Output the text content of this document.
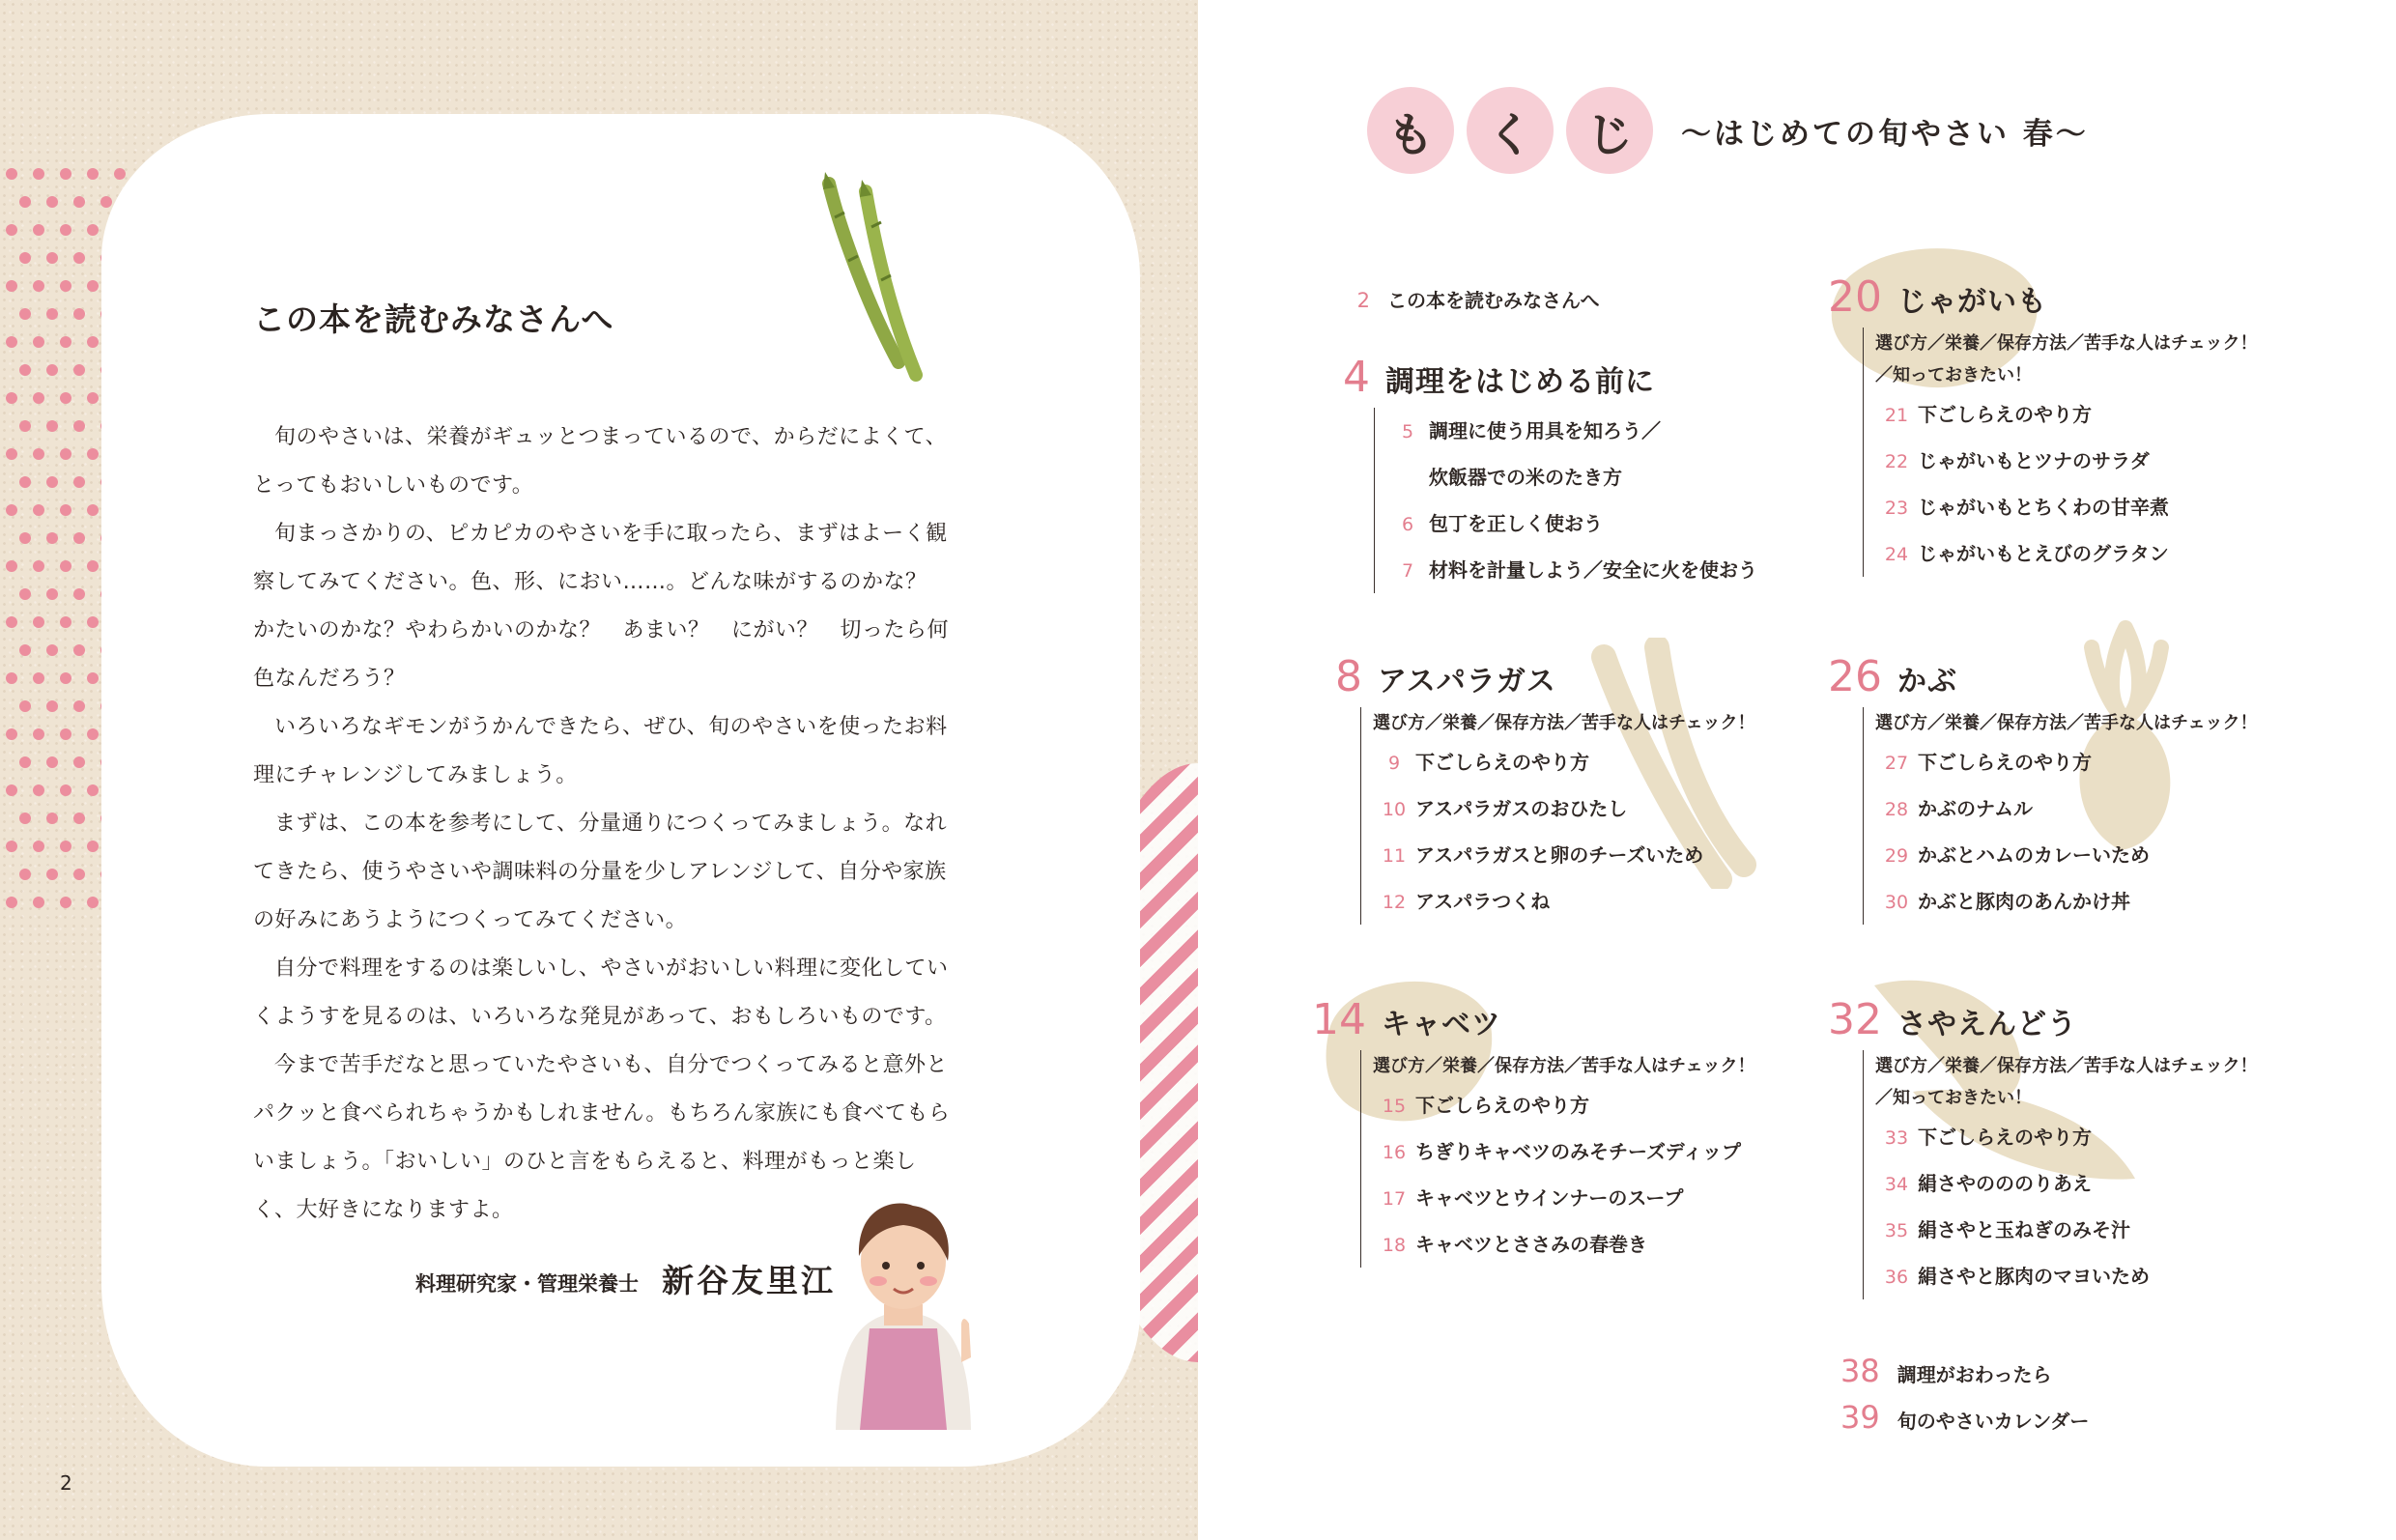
この本を読むみなさんへ

旬のやさいは、栄養がギュッとつまっているので、からだによくて、とってもおいしいものです。

旬まっさかりの、ピカピカのやさいを手に取ったら、まずはよーく観察してみてください。色、形、におい……。どんな味がするのかな？　かたいのかな？やわらかいのかな？　あまい？　にがい？　切ったら何色なんだろう？

いろいろなギモンがうかんできたら、ぜひ、旬のやさいを使ったお料理にチャレンジしてみましょう。

まずは、この本を参考にして、分量通りにつくってみましょう。なれてきたら、使うやさいや調味料の分量を少しアレンジして、自分や家族の好みにあうようにつくってみてください。

自分で料理をするのは楽しいし、やさいがおいしい料理に変化していくようすを見るのは、いろいろな発見があって、おもしろいものです。

今まで苦手だなと思っていたやさいも、自分でつくってみると意外とパクッと食べられちゃうかもしれません。もちろん家族にも食べてもらいましょう。「おいしい」のひと言をもらえると、料理がもっと楽しく、大好きになりますよ。

料理研究家・管理栄養士 新谷友里江
2
も	く	じ	〜はじめての旬やさい 春〜
2 この本を読むみなさんへ
4 調理をはじめる前に
5 調理に使う用具を知ろう／
炊飯器での米のたき方
6 包丁を正しく使おう
7 材料を計量しよう／安全に火を使おう
8 アスパラガス
選び方／栄養／保存方法／苦手な人はチェック！
9 下ごしらえのやり方
10 アスパラガスのおひたし
11 アスパラガスと卵のチーズいため
12 アスパラつくね
14 キャベツ
選び方／栄養／保存方法／苦手な人はチェック！
15 下ごしらえのやり方
16 ちぎりキャベツのみそチーズディップ
17 キャベツとウインナーのスープ
18 キャベツとささみの春巻き
20 じゃがいも
選び方／栄養／保存方法／苦手な人はチェック！
／知っておきたい！
21 下ごしらえのやり方
22 じゃがいもとツナのサラダ
23 じゃがいもとちくわの甘辛煮
24 じゃがいもとえびのグラタン
26 かぶ
選び方／栄養／保存方法／苦手な人はチェック！
27 下ごしらえのやり方
28 かぶのナムル
29 かぶとハムのカレーいため
30 かぶと豚肉のあんかけ丼
32 さやえんどう
選び方／栄養／保存方法／苦手な人はチェック！
／知っておきたい！
33 下ごしらえのやり方
34 絹さやのののりあえ
35 絹さやと玉ねぎのみそ汁
36 絹さやと豚肉のマヨいため
38 調理がおわったら
39 旬のやさいカレンダー
